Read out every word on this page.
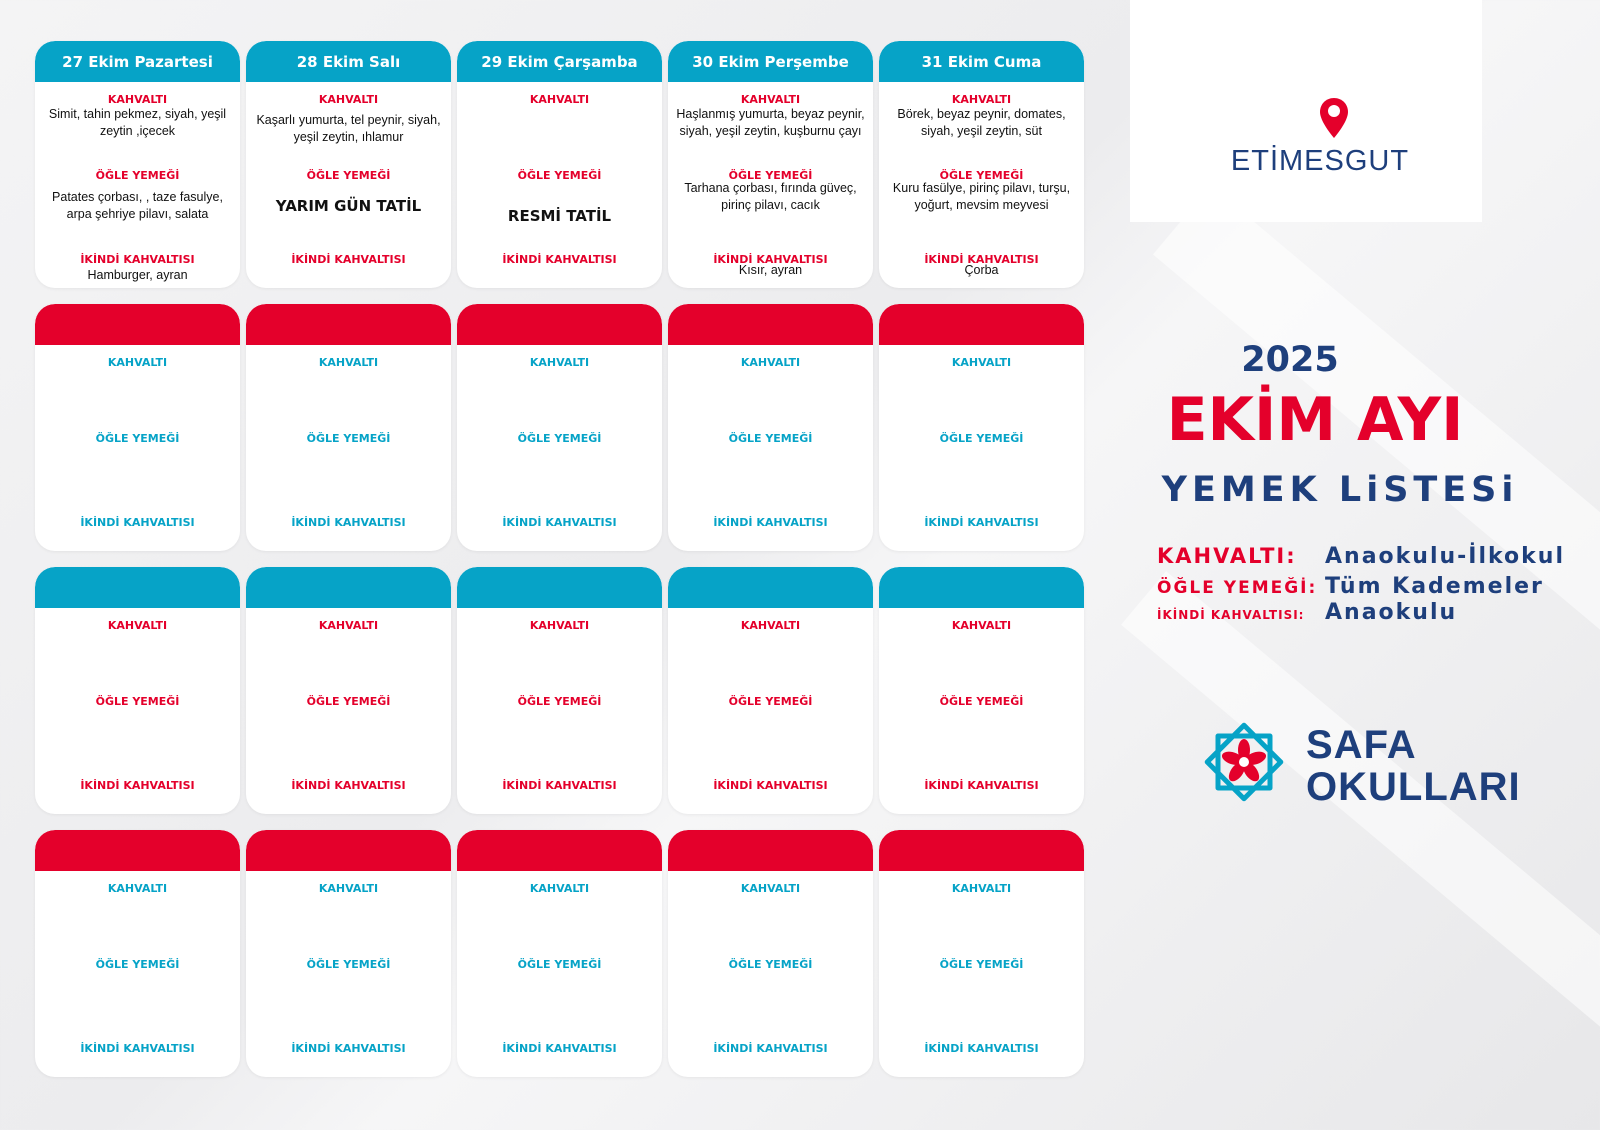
27 Ekim Pazartesi
KAHVALTI
Simit, tahin pekmez, siyah, yeşil zeytin ,içecek
ÖĞLE YEMEĞİ
Patates çorbası, , taze fasulye, arpa şehriye pilavı, salata
İKİNDİ KAHVALTISI
Hamburger, ayran
28 Ekim Salı
KAHVALTI
Kaşarlı yumurta, tel peynir, siyah, yeşil zeytin, ıhlamur
ÖĞLE YEMEĞİ
YARIM GÜN TATİL
İKİNDİ KAHVALTISI
29 Ekim Çarşamba
KAHVALTI
ÖĞLE YEMEĞİ
RESMİ TATİL
İKİNDİ KAHVALTISI
30 Ekim Perşembe
KAHVALTI
Haşlanmış yumurta, beyaz peynir, siyah, yeşil zeytin, kuşburnu çayı
ÖĞLE YEMEĞİ
Tarhana çorbası, fırında güveç, pirinç pilavı, cacık
İKİNDİ KAHVALTISI
Kısır, ayran
31 Ekim Cuma
KAHVALTI
Börek, beyaz peynir, domates, siyah, yeşil zeytin, süt
ÖĞLE YEMEĞİ
Kuru fasülye, pirinç pilavı, turşu, yoğurt, mevsim meyvesi
İKİNDİ KAHVALTISI
Çorba
KAHVALTI
ÖĞLE YEMEĞİ
İKİNDİ KAHVALTISI
KAHVALTI
ÖĞLE YEMEĞİ
İKİNDİ KAHVALTISI
KAHVALTI
ÖĞLE YEMEĞİ
İKİNDİ KAHVALTISI
KAHVALTI
ÖĞLE YEMEĞİ
İKİNDİ KAHVALTISI
KAHVALTI
ÖĞLE YEMEĞİ
İKİNDİ KAHVALTISI
KAHVALTI
ÖĞLE YEMEĞİ
İKİNDİ KAHVALTISI
KAHVALTI
ÖĞLE YEMEĞİ
İKİNDİ KAHVALTISI
KAHVALTI
ÖĞLE YEMEĞİ
İKİNDİ KAHVALTISI
KAHVALTI
ÖĞLE YEMEĞİ
İKİNDİ KAHVALTISI
KAHVALTI
ÖĞLE YEMEĞİ
İKİNDİ KAHVALTISI
KAHVALTI
ÖĞLE YEMEĞİ
İKİNDİ KAHVALTISI
KAHVALTI
ÖĞLE YEMEĞİ
İKİNDİ KAHVALTISI
KAHVALTI
ÖĞLE YEMEĞİ
İKİNDİ KAHVALTISI
KAHVALTI
ÖĞLE YEMEĞİ
İKİNDİ KAHVALTISI
KAHVALTI
ÖĞLE YEMEĞİ
İKİNDİ KAHVALTISI
ETİMESGUT
2025
EKİM AYI
YEMEK LiSTESi
KAHVALTI: Anaokulu-İlkokul
ÖĞLE YEMEĞİ: Tüm Kademeler
İKİNDİ KAHVALTISI: Anaokulu
SAFA
OKULLARI
